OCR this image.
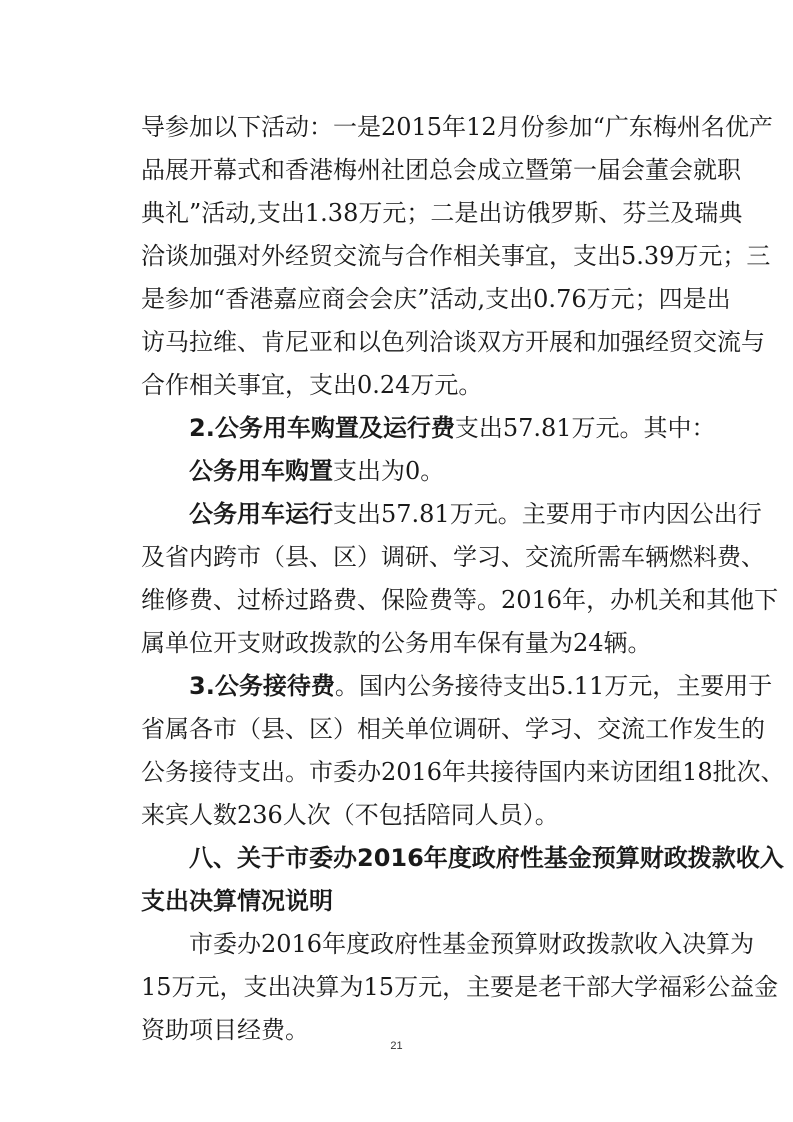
导参加以下活动：一是2015年12月份参加“广东梅州名优产
品展开幕式和香港梅州社团总会成立暨第一届会董会就职
典礼”活动,支出1.38万元；二是出访俄罗斯、芬兰及瑞典
洽谈加强对外经贸交流与合作相关事宜，支出5.39万元；三
是参加“香港嘉应商会会庆”活动,支出0.76万元；四是出
访马拉维、肯尼亚和以色列洽谈双方开展和加强经贸交流与
合作相关事宜，支出0.24万元。
2.公务用车购置及运行费支出57.81万元。其中：
公务用车购置支出为0。
公务用车运行支出57.81万元。主要用于市内因公出行
及省内跨市（县、区）调研、学习、交流所需车辆燃料费、
维修费、过桥过路费、保险费等。2016年，办机关和其他下
属单位开支财政拨款的公务用车保有量为24辆。
3.公务接待费。国内公务接待支出5.11万元，主要用于
省属各市（县、区）相关单位调研、学习、交流工作发生的
公务接待支出。市委办2016年共接待国内来访团组18批次、
来宾人数236人次（不包括陪同人员）。
八、关于市委办2016年度政府性基金预算财政拨款收入
支出决算情况说明
市委办2016年度政府性基金预算财政拨款收入决算为
15万元，支出决算为15万元，主要是老干部大学福彩公益金
资助项目经费。
21
